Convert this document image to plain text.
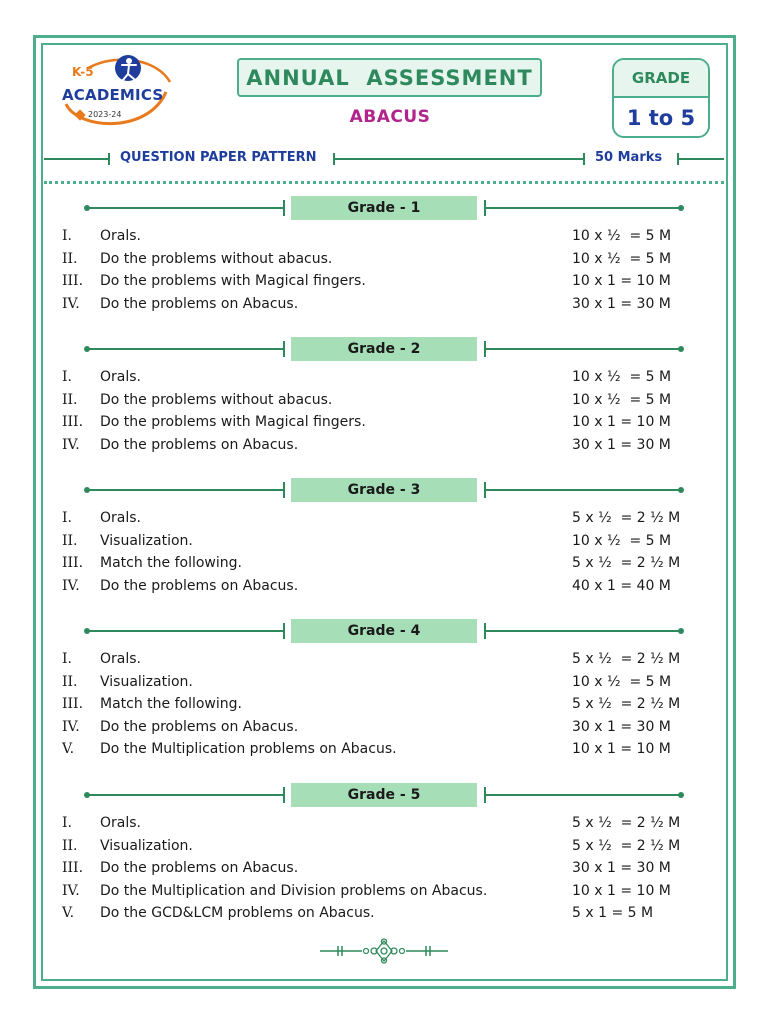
K-5
ACADEMICS
2023-24
ANNUAL  ASSESSMENT
ABACUS
GRADE
1 to 5
QUESTION PAPER PATTERN	50 Marks
Grade - 1
I. Orals.	10 x ½  = 5 M
II. Do the problems without abacus.	10 x ½  = 5 M
III. Do the problems with Magical fingers.	10 x 1 = 10 M
IV. Do the problems on Abacus.	30 x 1 = 30 M
Grade - 2
I. Orals.	10 x ½  = 5 M
II. Do the problems without abacus.	10 x ½  = 5 M
III. Do the problems with Magical fingers.	10 x 1 = 10 M
IV. Do the problems on Abacus.	30 x 1 = 30 M
Grade - 3
I. Orals.	5 x ½  = 2 ½ M
II. Visualization.	10 x ½  = 5 M
III. Match the following.	5 x ½  = 2 ½ M
IV. Do the problems on Abacus.	40 x 1 = 40 M
Grade - 4
I. Orals.	5 x ½  = 2 ½ M
II. Visualization.	10 x ½  = 5 M
III. Match the following.	5 x ½  = 2 ½ M
IV. Do the problems on Abacus.	30 x 1 = 30 M
V. Do the Multiplication problems on Abacus.	10 x 1 = 10 M
Grade - 5
I. Orals.	5 x ½  = 2 ½ M
II. Visualization.	5 x ½  = 2 ½ M
III. Do the problems on Abacus.	30 x 1 = 30 M
IV. Do the Multiplication and Division problems on Abacus.	10 x 1 = 10 M
V. Do the GCD&LCM problems on Abacus.	5 x 1 = 5 M
